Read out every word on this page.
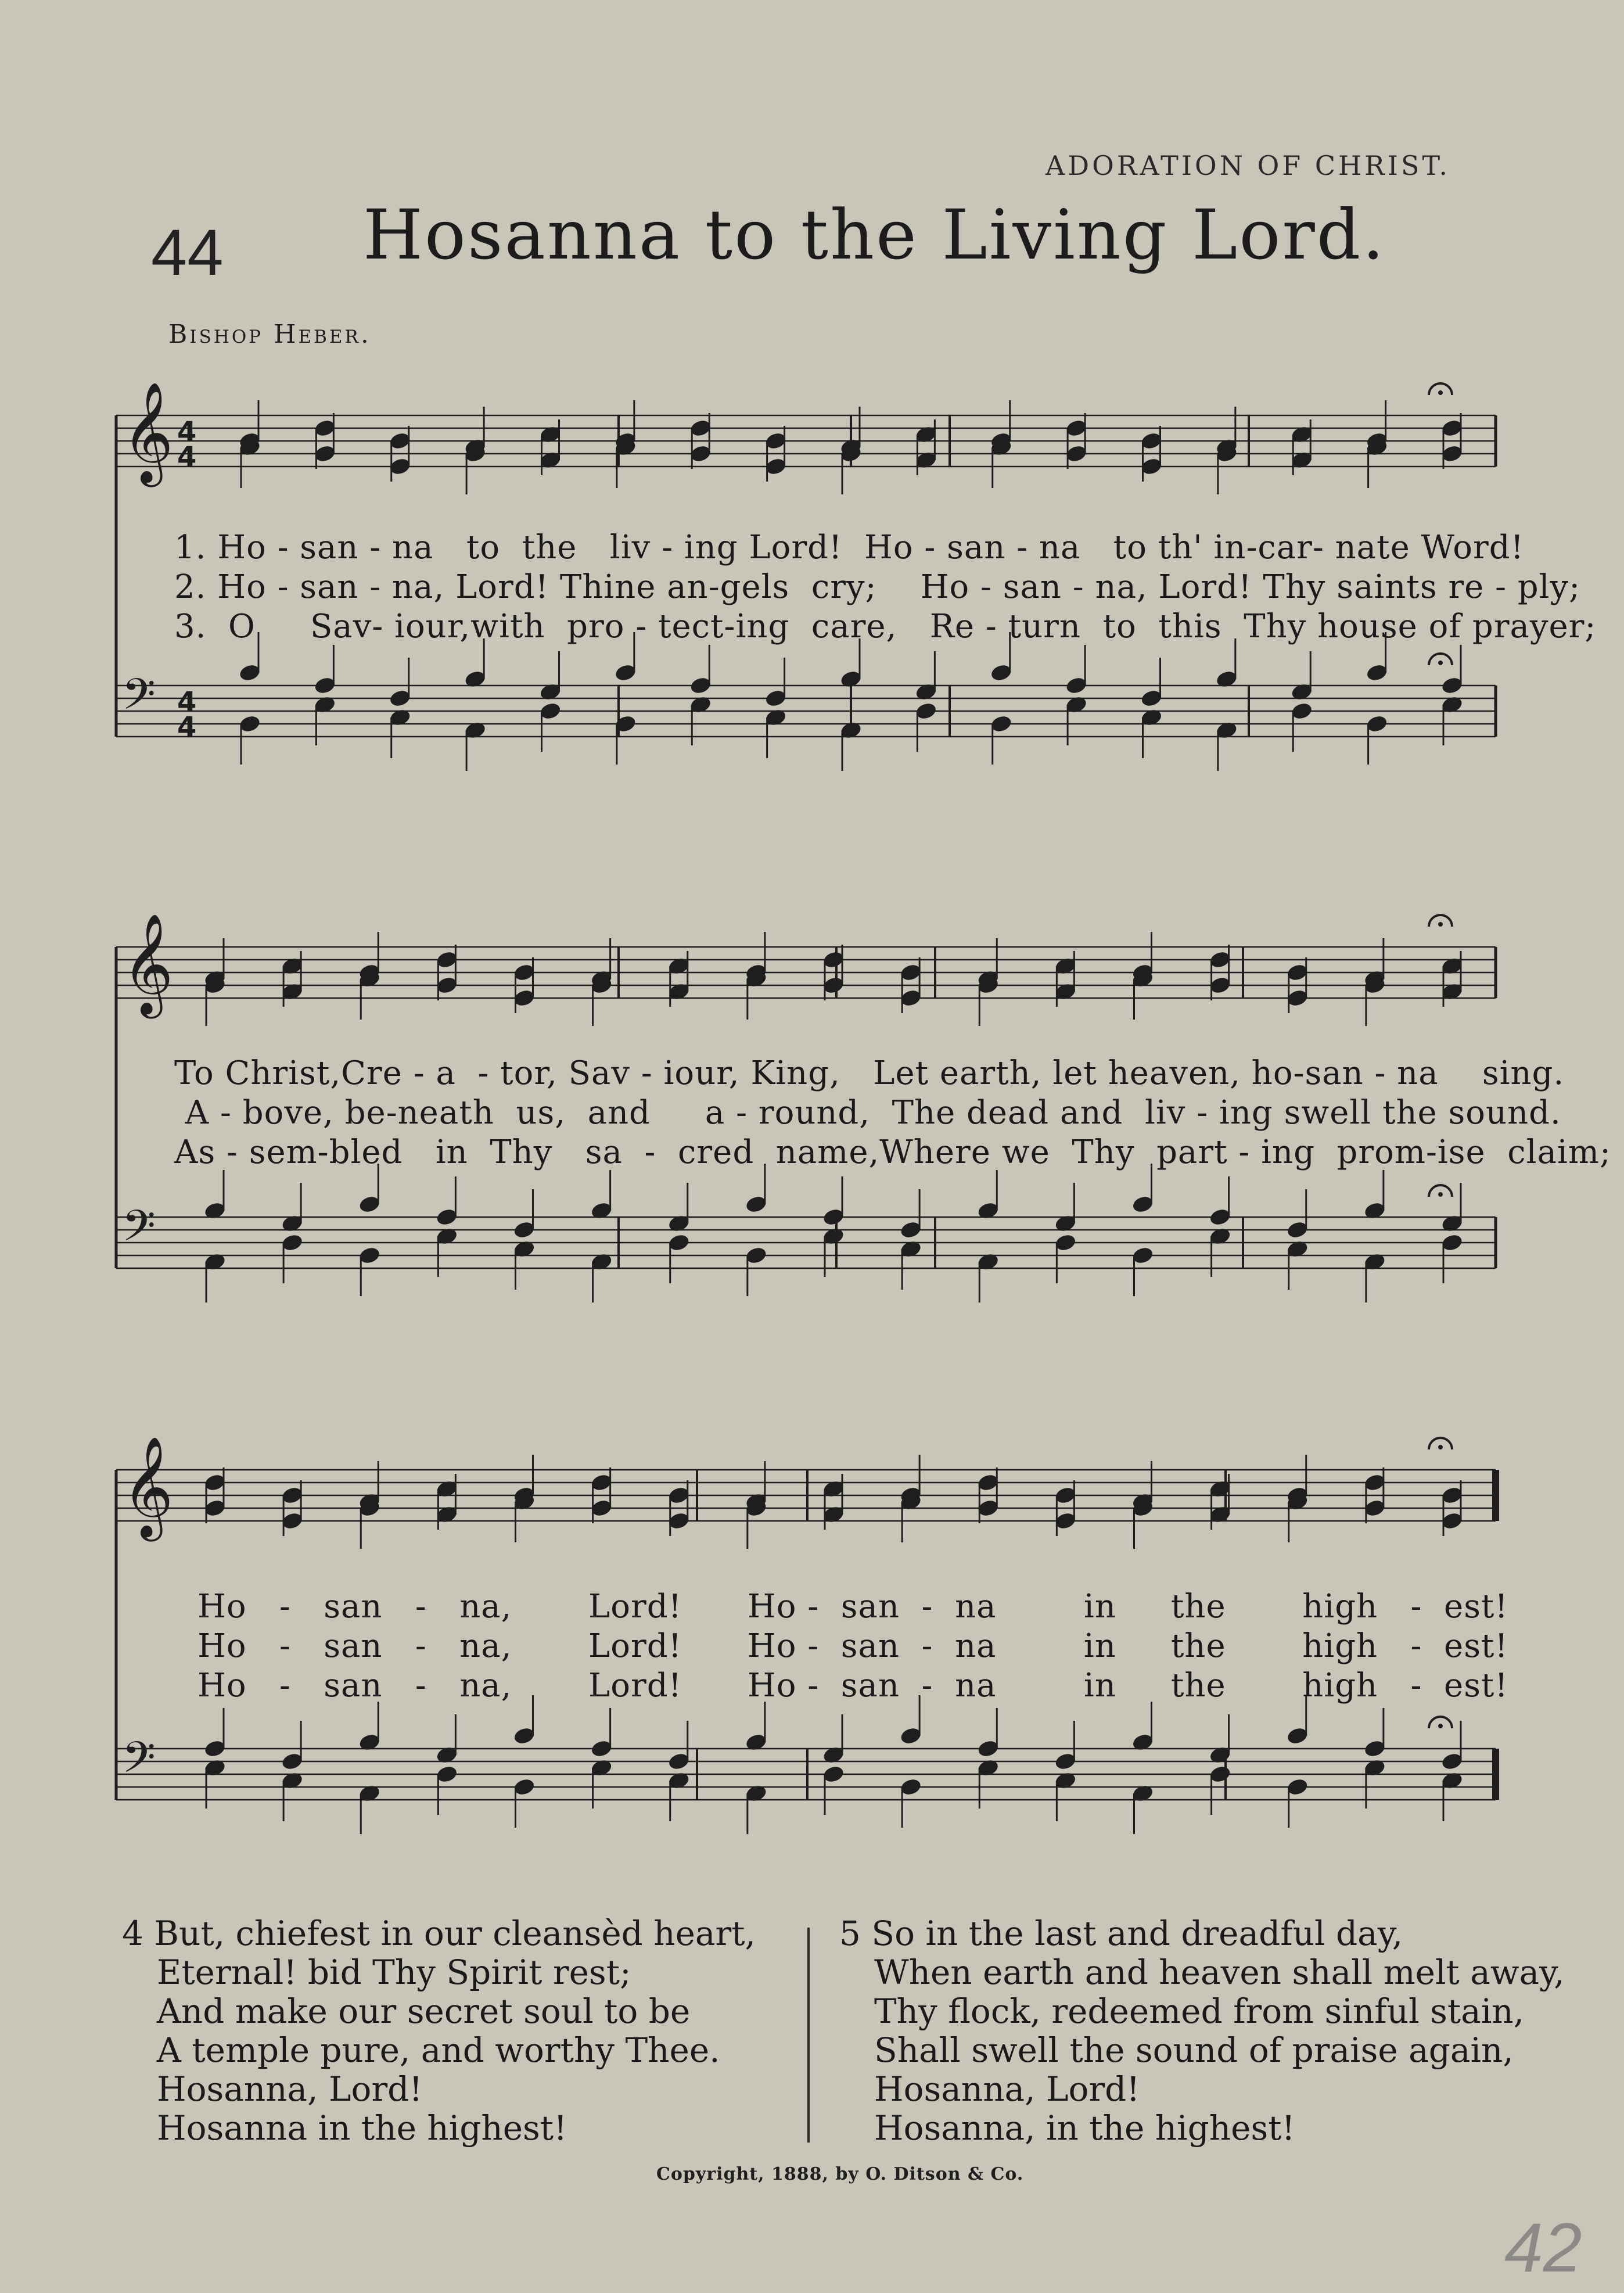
ADORATION OF CHRIST.
44 Hosanna to the Living Lord.
Bishop Heber.
𝄞 4
4
𝄢 4
4
𝄞
𝄢
𝄞
𝄢
1. Ho - san - na   to  the   liv - ing Lord!  Ho - san - na   to th' in-car- nate Word!
2. Ho - san - na, Lord! Thine an-gels  cry;    Ho - san - na, Lord! Thy saints re - ply;
3.  O     Sav- iour,with  pro - tect-ing  care,   Re - turn  to  this  Thy house of prayer;
To Christ,Cre - a  - tor, Sav - iour, King,   Let earth, let heaven, ho-san - na    sing.
A - bove, be-neath  us,  and     a - round,  The dead and  liv - ing swell the sound.
As - sem-bled   in  Thy   sa  -  cred  name,Where we  Thy  part - ing  prom-ise  claim;
Ho   -   san   -   na,       Lord!      Ho -  san  -  na        in     the       high   -  est!
Ho   -   san   -   na,       Lord!      Ho -  san  -  na        in     the       high   -  est!
Ho   -   san   -   na,       Lord!      Ho -  san  -  na        in     the       high   -  est!
4 But, chiefest in our cleansèd heart,
Eternal! bid Thy Spirit rest;
And make our secret soul to be
A temple pure, and worthy Thee.
Hosanna, Lord!
Hosanna in the highest!
5 So in the last and dreadful day,
When earth and heaven shall melt away,
Thy flock, redeemed from sinful stain,
Shall swell the sound of praise again,
Hosanna, Lord!
Hosanna, in the highest!
Copyright, 1888, by O. Ditson & Co.
42
